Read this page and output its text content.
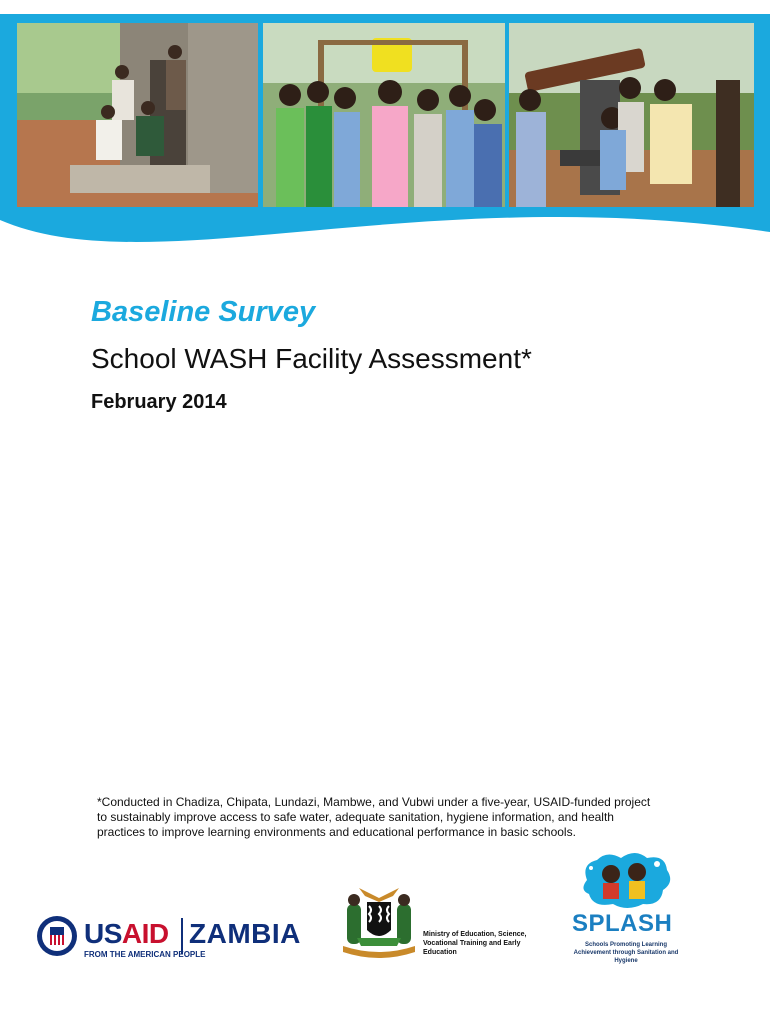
Baseline Survey

School WASH Facility Assessment*

February 2014

*Conducted in Chadiza, Chipata, Lundazi, Mambwe, and Vubwi under a five-year, USAID-funded project to sustainably improve access to safe water, adequate sanitation, hygiene information, and health practices to improve learning environments and educational performance in basic schools.

USAID ZAMBIA
FROM THE AMERICAN PEOPLE
Ministry of Education, Science, Vocational Training and Early Education
SPLASH
Schools Promoting Learning Achievement through Sanitation and Hygiene
